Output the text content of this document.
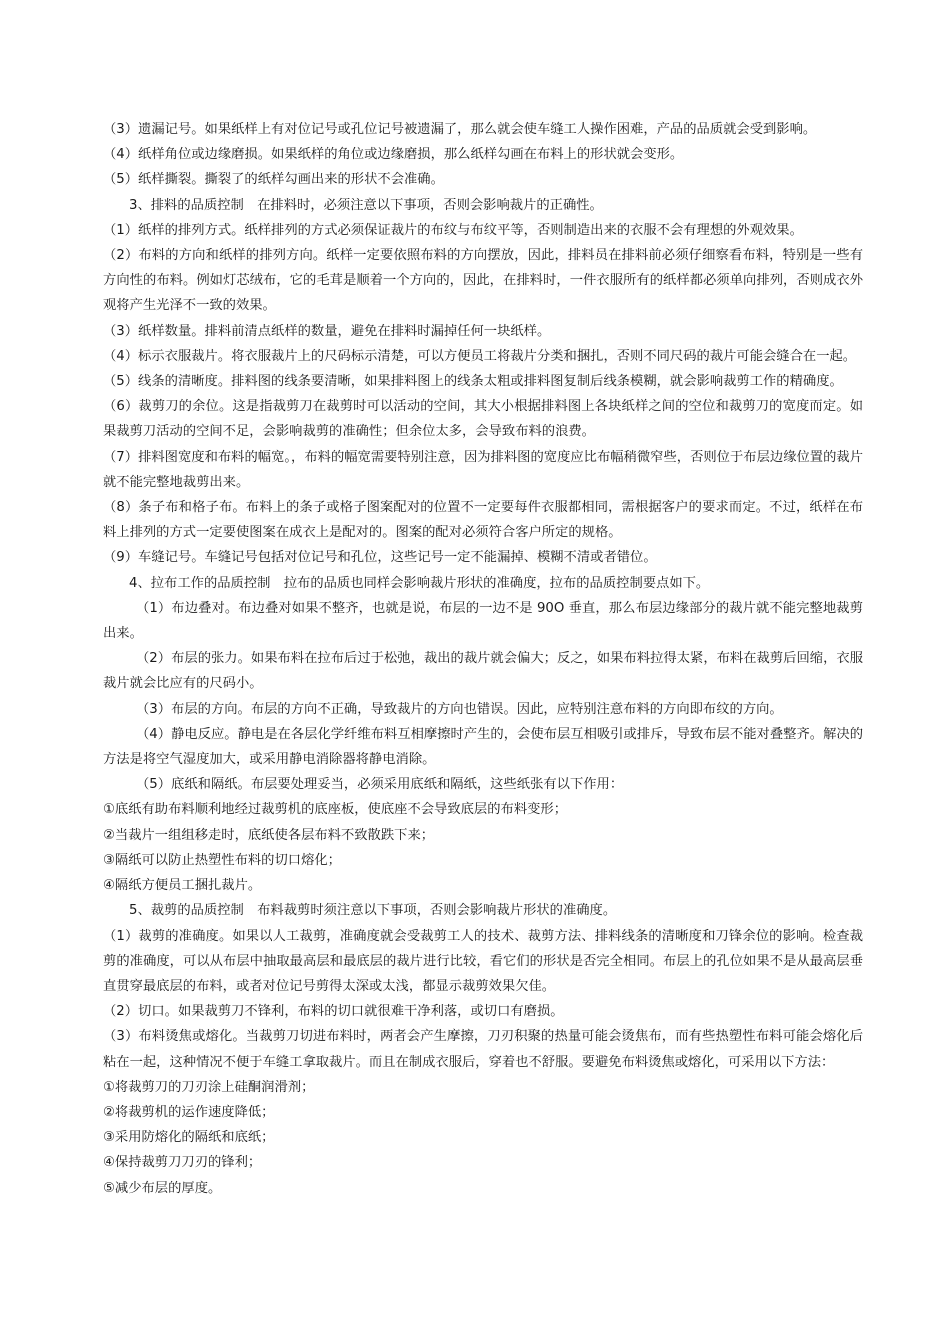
（3）遗漏记号。如果纸样上有对位记号或孔位记号被遗漏了，那么就会使车缝工人操作困难，产品的品质就会受到影响。

（4）纸样角位或边缘磨损。如果纸样的角位或边缘磨损，那么纸样勾画在布料上的形状就会变形。

（5）纸样撕裂。撕裂了的纸样勾画出来的形状不会准确。

3、排料的品质控制　在排料时，必须注意以下事项，否则会影响裁片的正确性。

（1）纸样的排列方式。纸样排列的方式必须保证裁片的布纹与布纹平等，否则制造出来的衣服不会有理想的外观效果。

（2）布料的方向和纸样的排列方向。纸样一定要依照布料的方向摆放，因此，排料员在排料前必须仔细察看布料，特别是一些有方向性的布料。例如灯芯绒布，它的毛茸是顺着一个方向的，因此，在排料时，一件衣服所有的纸样都必须单向排列，否则成衣外观将产生光泽不一致的效果。

（3）纸样数量。排料前清点纸样的数量，避免在排料时漏掉任何一块纸样。

（4）标示衣服裁片。将衣服裁片上的尺码标示清楚，可以方便员工将裁片分类和捆扎，否则不同尺码的裁片可能会缝合在一起。

（5）线条的清晰度。排料图的线条要清晰，如果排料图上的线条太粗或排料图复制后线条模糊，就会影响裁剪工作的精确度。

（6）裁剪刀的余位。这是指裁剪刀在裁剪时可以活动的空间，其大小根据排料图上各块纸样之间的空位和裁剪刀的宽度而定。如果裁剪刀活动的空间不足，会影响裁剪的准确性；但余位太多，会导致布料的浪费。

（7）排料图宽度和布料的幅宽。，布料的幅宽需要特别注意，因为排料图的宽度应比布幅稍微窄些，否则位于布层边缘位置的裁片就不能完整地裁剪出来。

（8）条子布和格子布。布料上的条子或格子图案配对的位置不一定要每件衣服都相同，需根据客户的要求而定。不过，纸样在布料上排列的方式一定要使图案在成衣上是配对的。图案的配对必须符合客户所定的规格。

（9）车缝记号。车缝记号包括对位记号和孔位，这些记号一定不能漏掉、模糊不清或者错位。

4、拉布工作的品质控制　拉布的品质也同样会影响裁片形状的准确度，拉布的品质控制要点如下。

（1）布边叠对。布边叠对如果不整齐，也就是说，布层的一边不是 90O 垂直，那么布层边缘部分的裁片就不能完整地裁剪出来。

（2）布层的张力。如果布料在拉布后过于松弛，裁出的裁片就会偏大；反之，如果布料拉得太紧，布料在裁剪后回缩，衣服裁片就会比应有的尺码小。

（3）布层的方向。布层的方向不正确，导致裁片的方向也错误。因此，应特别注意布料的方向即布纹的方向。

（4）静电反应。静电是在各层化学纤维布料互相摩擦时产生的，会使布层互相吸引或排斥，导致布层不能对叠整齐。解决的方法是将空气湿度加大，或采用静电消除器将静电消除。

（5）底纸和隔纸。布层要处理妥当，必须采用底纸和隔纸，这些纸张有以下作用：

①底纸有助布料顺利地经过裁剪机的底座板，使底座不会导致底层的布料变形；

②当裁片一组组移走时，底纸使各层布料不致散跌下来；

③隔纸可以防止热塑性布料的切口熔化；

④隔纸方便员工捆扎裁片。

5、裁剪的品质控制　布料裁剪时须注意以下事项，否则会影响裁片形状的准确度。

（1）裁剪的准确度。如果以人工裁剪，准确度就会受裁剪工人的技术、裁剪方法、排料线条的清晰度和刀锋余位的影响。检查裁剪的准确度，可以从布层中抽取最高层和最底层的裁片进行比较，看它们的形状是否完全相同。布层上的孔位如果不是从最高层垂直贯穿最底层的布料，或者对位记号剪得太深或太浅，都显示裁剪效果欠佳。

（2）切口。如果裁剪刀不锋利，布料的切口就很难干净利落，或切口有磨损。

（3）布料烫焦或熔化。当裁剪刀切进布料时，两者会产生摩擦，刀刃积聚的热量可能会烫焦布，而有些热塑性布料可能会熔化后粘在一起，这种情况不便于车缝工拿取裁片。而且在制成衣服后，穿着也不舒服。要避免布料烫焦或熔化，可采用以下方法：

①将裁剪刀的刀刃涂上硅酮润滑剂；

②将裁剪机的运作速度降低；

③采用防熔化的隔纸和底纸；

④保持裁剪刀刀刃的锋利；

⑤减少布层的厚度。
